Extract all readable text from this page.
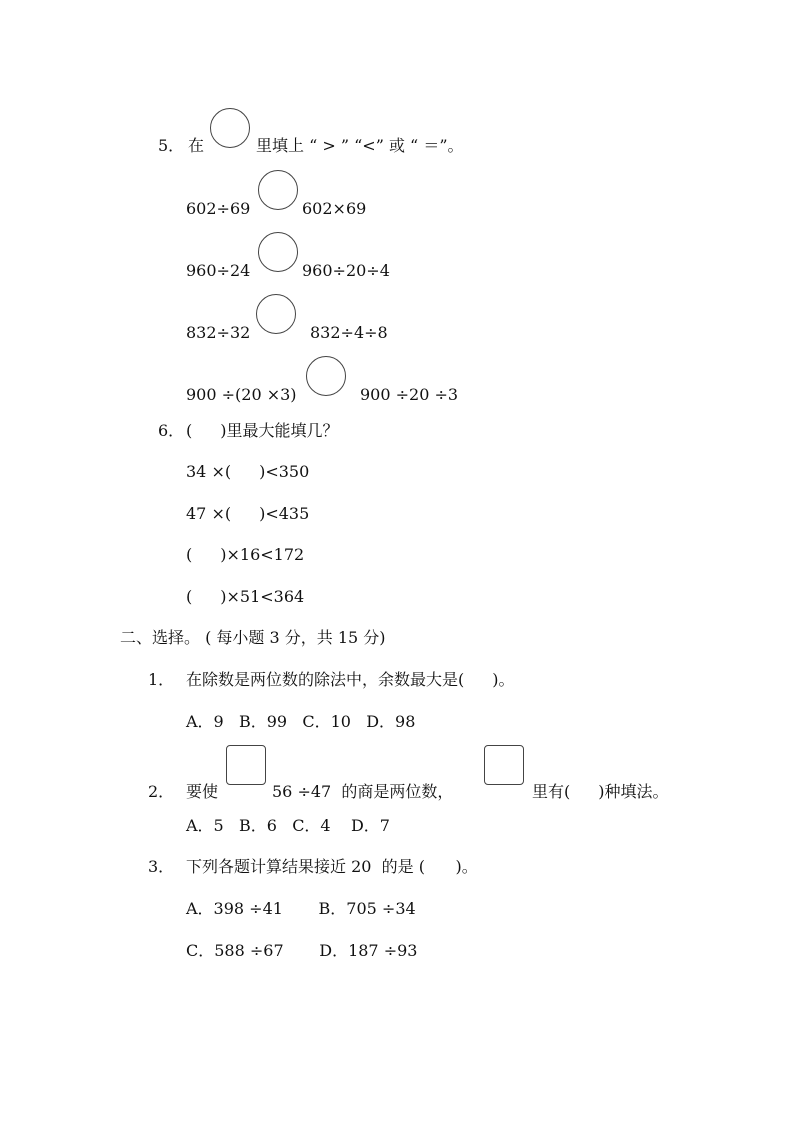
5． 在	里填上 “ > ” “<” 或 “ ＝”。
602÷69	602×69
960÷24	960÷20÷4
832÷32	832÷4÷8
900 ÷(20 ×3)	900 ÷20 ÷3
6． ( )里最大能填几？
34 ×( )<350
47 ×( )<435
( )×16<172
( )×51<364
二、选择。 ( 每小题 3 分，共 15 分)
1． 在除数是两位数的除法中，余数最大是( )。
A．9   B．99   C．10   D．98
2． 要使	56 ÷47  的商是两位数，	里有( )种填法。
A．5   B．6   C．4    D．7
3． 下列各题计算结果接近 20  的是 (      )。
A．398 ÷41       B．705 ÷34
C．588 ÷67       D．187 ÷93
